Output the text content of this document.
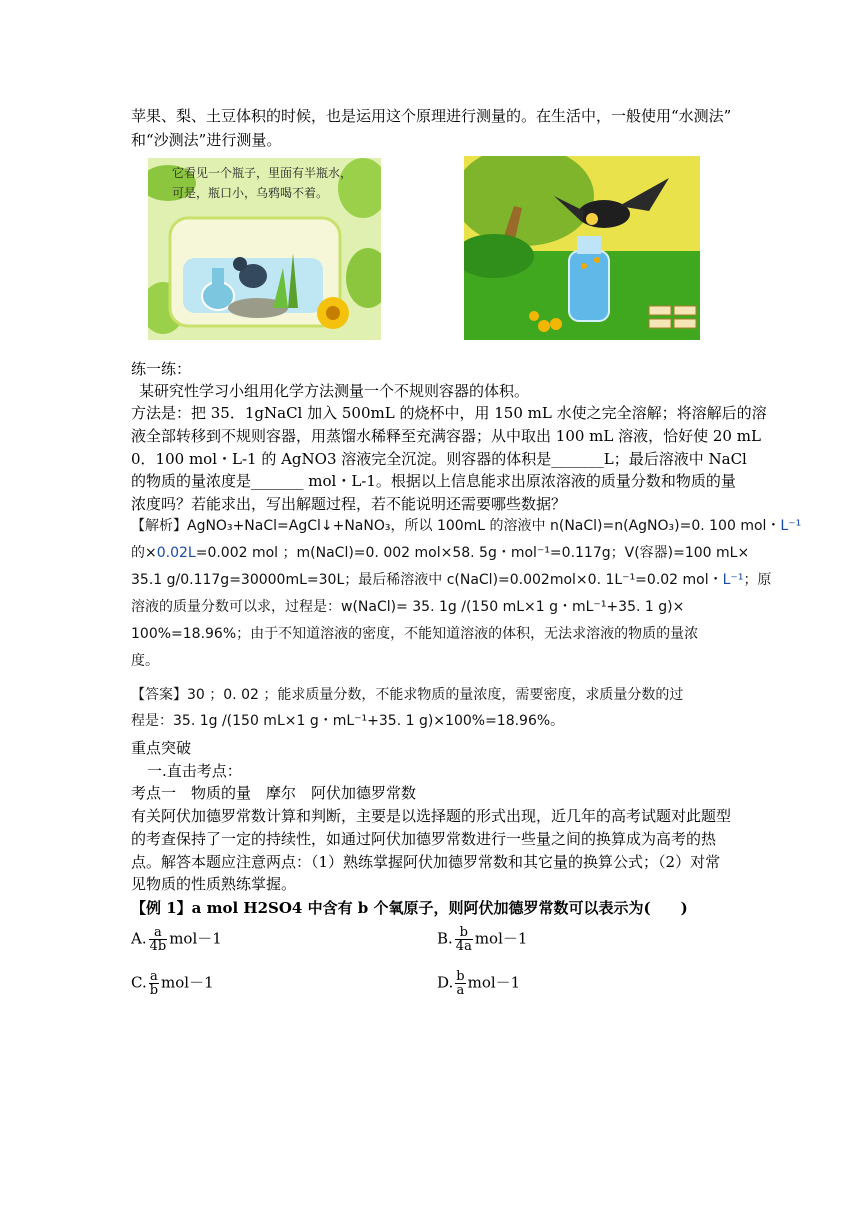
苹果、梨、土豆体积的时候，也是运用这个原理进行测量的。在生活中，一般使用“水测法”
和“沙测法”进行测量。
它看见一个瓶子，里面有半瓶水，
可是，瓶口小，乌鸦喝不着。
练一练：
某研究性学习小组用化学方法测量一个不规则容器的体积。
方法是：把 35．1gNaCl 加入 500mL 的烧杯中，用 150 mL 水使之完全溶解；将溶解后的溶
液全部转移到不规则容器，用蒸馏水稀释至充满容器；从中取出 100 mL 溶液，恰好使 20 mL
0．100 mol・L-1 的 AgNO3 溶液完全沉淀。则容器的体积是_______L；最后溶液中 NaCl
的物质的量浓度是_______ mol・L-1。根据以上信息能求出原浓溶液的质量分数和物质的量
浓度吗？若能求出，写出解题过程，若不能说明还需要哪些数据？
【解析】AgNO₃+NaCl=AgCl↓+NaNO₃，所以 100mL 的溶液中 n(NaCl)=n(AgNO₃)=0. 100 mol・L⁻¹
的×0.02L=0.002 mol ；m(NaCl)=0. 002 mol×58. 5g・mol⁻¹=0.117g；V(容器)=100 mL×
35.1 g/0.117g=30000mL=30L；最后稀溶液中 c(NaCl)=0.002mol×0. 1L⁻¹=0.02 mol・L⁻¹；原
溶液的质量分数可以求，过程是：w(NaCl)= 35. 1g /(150 mL×1 g・mL⁻¹+35. 1 g)×
100%=18.96%；由于不知道溶液的密度，不能知道溶液的体积，无法求溶液的物质的量浓
度。
【答案】30 ；0. 02 ；能求质量分数，不能求物质的量浓度，需要密度，求质量分数的过
程是：35. 1g /(150 mL×1 g・mL⁻¹+35. 1 g)×100%=18.96%。
重点突破
一.直击考点：
考点一　物质的量　摩尔　阿伏加德罗常数
有关阿伏加德罗常数计算和判断，主要是以选择题的形式出现，近几年的高考试题对此题型
的考查保持了一定的持续性，如通过阿伏加德罗常数进行一些量之间的换算成为高考的热
点。解答本题应注意两点：（1）熟练掌握阿伏加德罗常数和其它量的换算公式；（2）对常
见物质的性质熟练掌握。
【例 1】a mol H2SO4 中含有 b 个氧原子，则阿伏加德罗常数可以表示为(　　)
A. $\frac{a}{4b} mol-1$	B. $\frac{b}{4a} mol-1$
C. $\frac{a}{b} mol-1$	D. $\frac{b}{a} mol-1$
